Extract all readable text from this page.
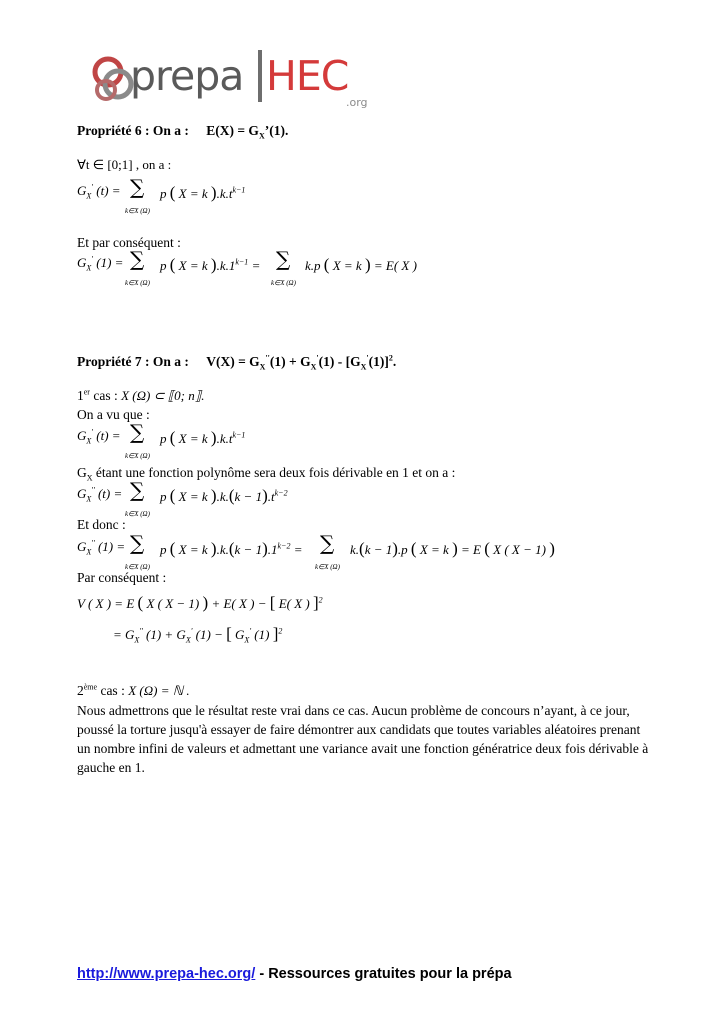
prepa HEC
.org
Propriété 6 : On a : $E(X) = G_X’(1)$.
∀t ∈ [0;1] , on a :
$G_X'$ (t) = ∑
k∈X (Ω)
p ( X = k )$.k.t^{k-1}$
Et par conséquent :
$G_X'$ (1) = ∑
k∈X (Ω)
p ( X = k )$.k.1^{k-1}$ = ∑
k∈X (Ω)
k.p ( X = k ) = E( X )
Propriété 7 : On a : $V(X) = G_X''(1) + G_X'(1) - [G_X'(1)]^2$.
1er cas : X (Ω) ⊂ ⟦0; n⟧.
On a vu que :
$G_X'$ (t) = ∑
k∈X (Ω)
p ( X = k )$.k.t^{k-1}$
$G_X$ étant une fonction polynôme sera deux fois dérivable en 1 et on a :
$G_X''$ (t) = ∑
k∈X (Ω)
p ( X = k )$.k.(k - 1).t^{k-2}$
Et donc :
$G_X''$ (1) = ∑
k∈X (Ω)
p ( X = k )$.k.(k - 1).1^{k-2}$ = ∑
k∈X (Ω)
k.(k − 1).p ( X = k ) = E ( X ( X − 1) )
Par conséquent :
V ( X ) = E ( X ( X − 1) ) + E( X ) − [ E( X ) ]$^2$
= $G_X''$ $(1) + G_X'$ (1) − [ $G_X'$ (1) ]$^2$
2ème cas : X (Ω) = ℕ .
Nous admettrons que le résultat reste vrai dans ce cas. Aucun problème de concours n’ayant, à ce jour, poussé la torture jusqu'à essayer de faire démontrer aux candidats que toutes variables aléatoires prenant un nombre infini de valeurs et admettant une variance avait une fonction génératrice deux fois dérivable à gauche en 1.
http://www.prepa-hec.org/ - Ressources gratuites pour la prépa
